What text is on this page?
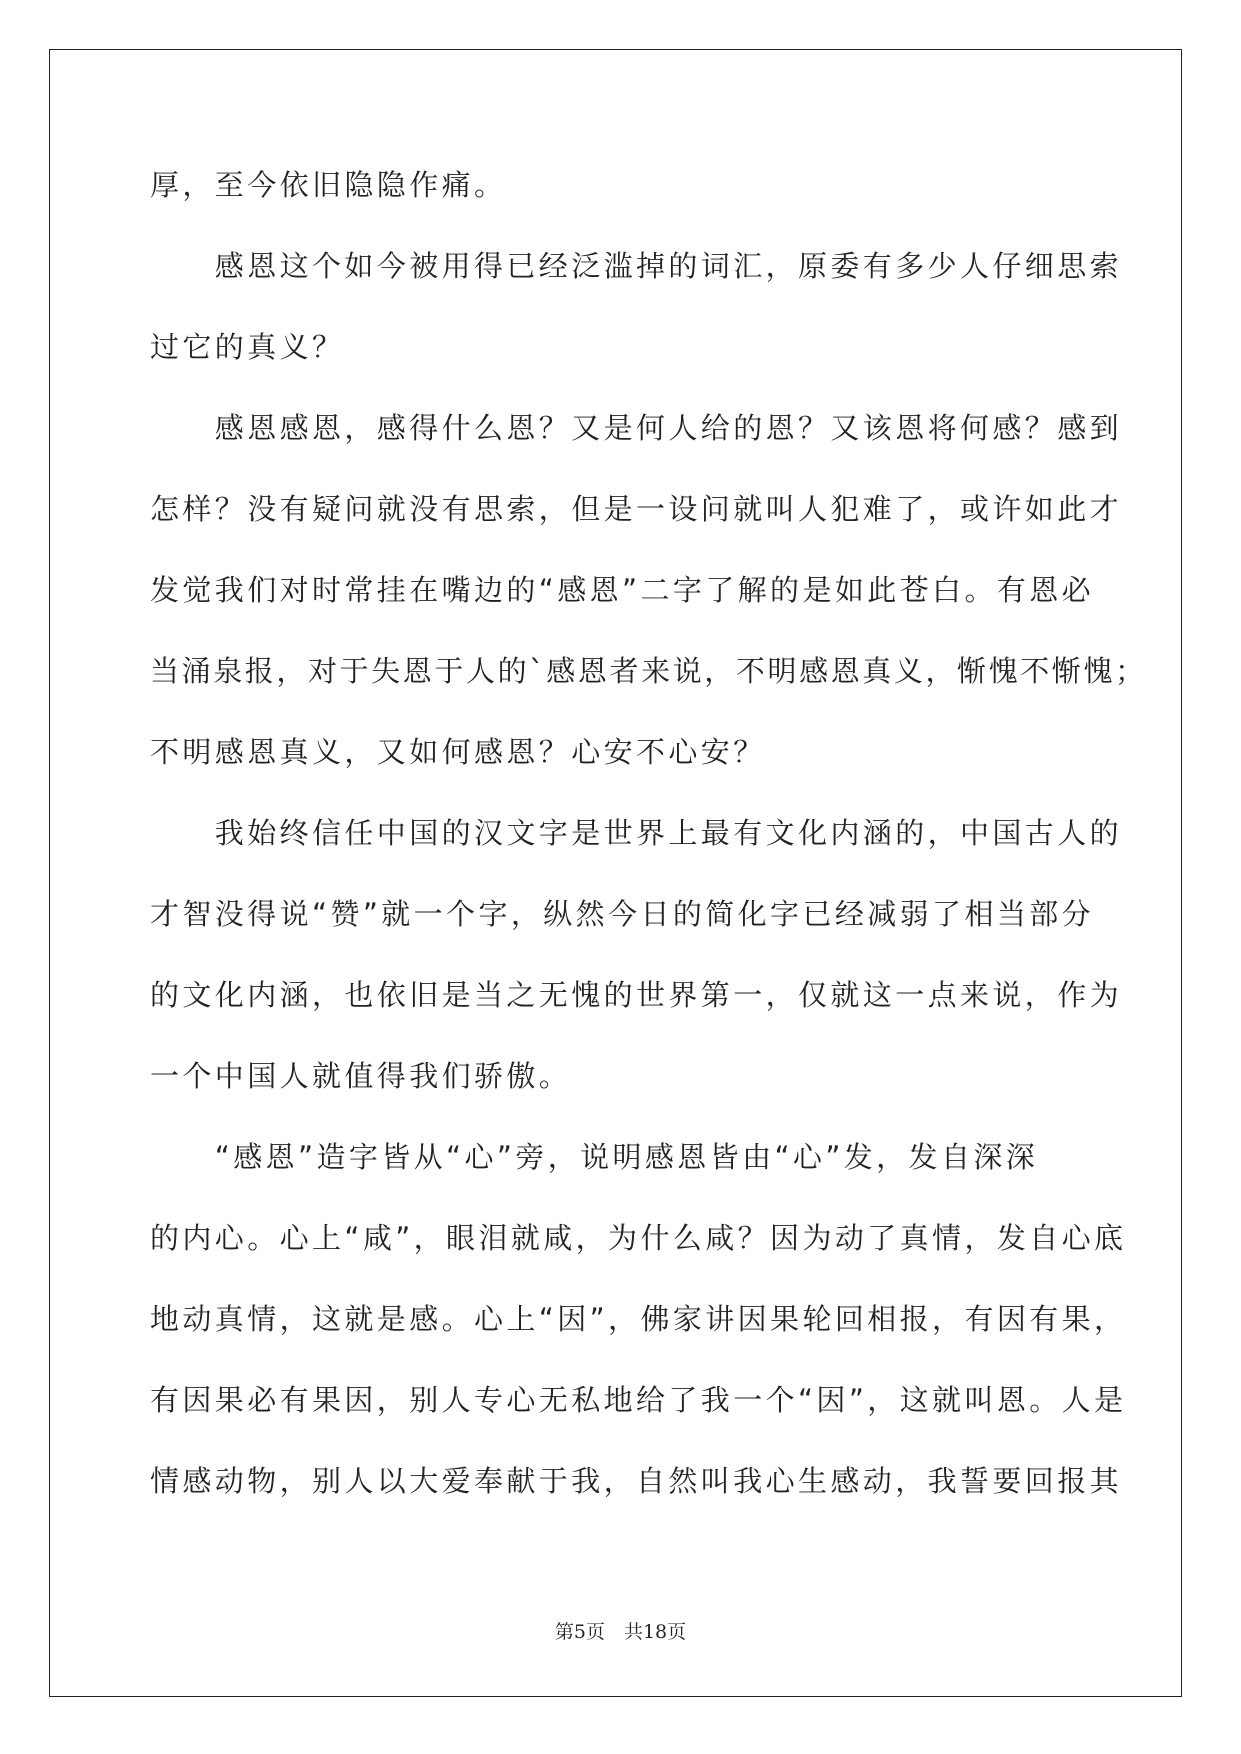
厚，至今依旧隐隐作痛。
　　感恩这个如今被用得已经泛滥掉的词汇，原委有多少人仔细思索
过它的真义？
　　感恩感恩，感得什么恩？又是何人给的恩？又该恩将何感？感到
怎样？没有疑问就没有思索，但是一设问就叫人犯难了，或许如此才
发觉我们对时常挂在嘴边的“感恩”二字了解的是如此苍白。有恩必
当涌泉报，对于失恩于人的`感恩者来说，不明感恩真义，惭愧不惭愧；
不明感恩真义，又如何感恩？心安不心安？
　　我始终信任中国的汉文字是世界上最有文化内涵的，中国古人的
才智没得说“赞”就一个字，纵然今日的简化字已经减弱了相当部分
的文化内涵，也依旧是当之无愧的世界第一，仅就这一点来说，作为
一个中国人就值得我们骄傲。
　　“感恩”造字皆从“心”旁，说明感恩皆由“心”发，发自深深
的内心。心上“咸”，眼泪就咸，为什么咸？因为动了真情，发自心底
地动真情，这就是感。心上“因”，佛家讲因果轮回相报，有因有果，
有因果必有果因，别人专心无私地给了我一个“因”，这就叫恩。人是
情感动物，别人以大爱奉献于我，自然叫我心生感动，我誓要回报其
第5页　共18页
